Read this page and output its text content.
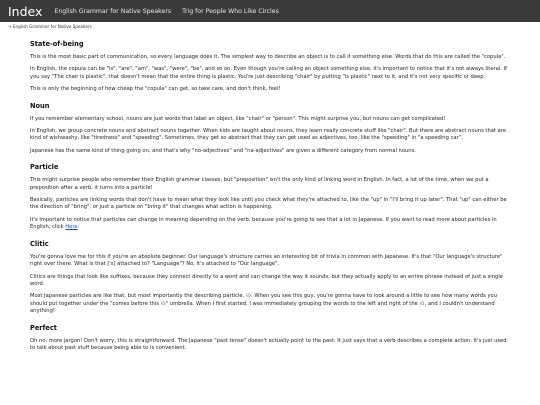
Index English Grammar for Native Speakers Trig for People Who Like Circles
→ English Grammar for Native Speakers
State-of-being

This is the most basic part of communication, so every language does it. The simplest way to describe an object is to call it something else. Words that do this are called the "copula".

In English, the copula can be "is", "are", "am", "was", "were", "be", and so on. Even though you're calling an object something else, it's important to notice that it's not always literal. If you say "The chair is plastic", that doesn't mean that the entire thing is plastic. You're just describing "chair" by putting "is plastic" next to it, and it's not very specific or deep.

This is only the beginning of how cheap the "copula" can get, so take care, and don't think, feel!

Noun

If you remember elementary school, nouns are just words that label an object, like "chair" or "person". This might surprise you, but nouns can get complicated!

In English, we group concrete nouns and abstract nouns together. When kids are taught about nouns, they learn really concrete stuff like "chair". But there are abstract nouns that are kind of wishwashy, like "tiredness" and "speeding". Sometimes, they get so abstract that they can get used as adjectives, too, like the "speeding" in "a speeding car".

Japanese has the same kind of thing going on, and that's why "no-adjectives" and "na-adjectives" are given a different category from normal nouns.

Particle

This might surprise people who remember their English grammar classes, but "preposition" isn't the only kind of linking word in English. In fact, a lot of the time, when we put a preposition after a verb, it turns into a particle!

Basically, particles are linking words that don't have to mean what they look like until you check what they're attached to, like the "up" in "I'll bring it up later". That "up" can either be the direction of "bring", or just a particle on "bring it" that changes what action is happening.

It's important to notice that particles can change in meaning depending on the verb, because you're going to see that a lot in Japanese. If you want to read more about particles in English, click Here.

Clitic

You're gonna love me for this if you're an absolute beginner. Our language's structure carries an interesting bit of trivia in common with Japanese. It's that "Our language's structure" right over there. What is that ['s] attached to? "Language"? No, it's attached to "Our language".

Clitics are things that look like suffixes, because they connect directly to a word and can change the way it sounds, but they actually apply to an entire phrase instead of just a single word.

Most Japanese particles are like that, but most importantly the describing particle, の. When you see this guy, you're gonna have to look around a little to see how many words you should put together under the "comes before this の" umbrella. When I first started, I was immediately grouping the words to the left and right of the の, and I couldn't understand anything!

Perfect

Oh no, more jargon! Don't worry, this is straightforward. The Japanese "past tense" doesn't actually point to the past. It just says that a verb describes a complete action. It's just used to talk about past stuff because being able to is convenient.
